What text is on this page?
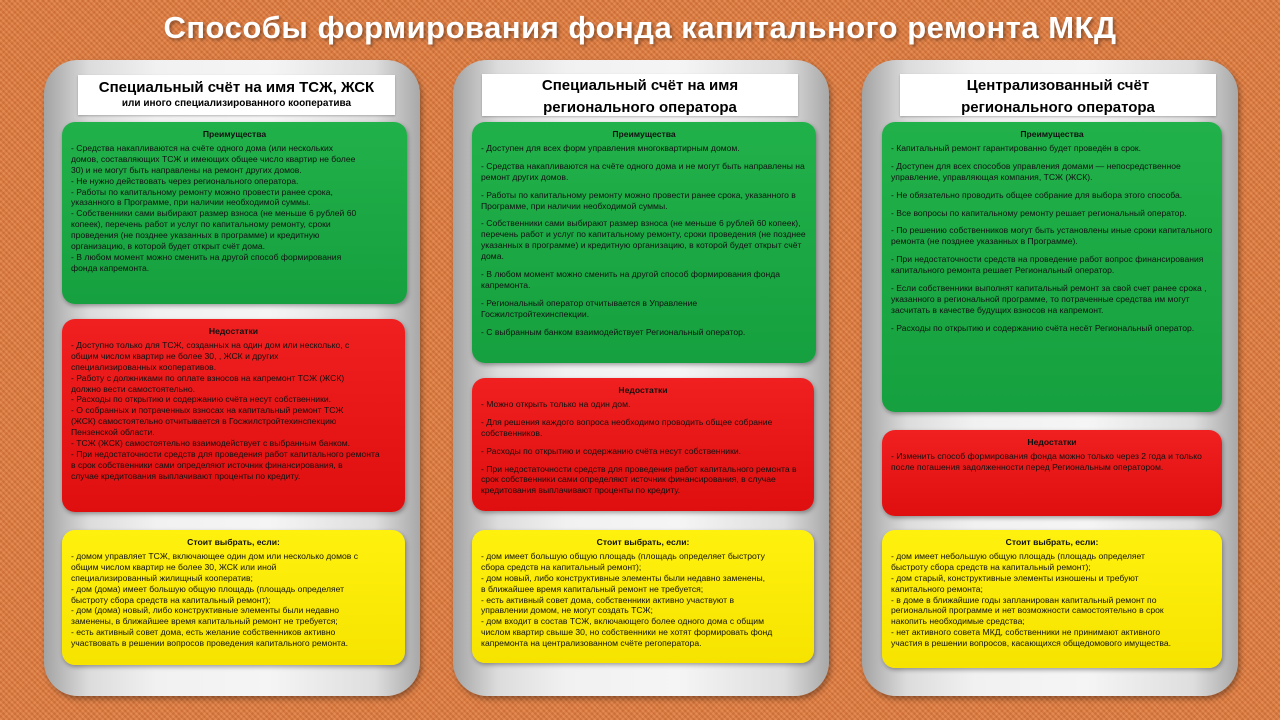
Способы формирования фонда капитального ремонта МКД
Специальный счёт на имя ТСЖ, ЖСК
или иного специализированного кооператива
Преимущества
- Средства накапливаются на счёте одного дома (или нескольких
домов, составляющих ТСЖ и имеющих общее число квартир не более
30) и не могут быть направлены на ремонт других домов.
- Не нужно действовать через регионального оператора.
- Работы по капитальному ремонту можно провести ранее срока,
указанного в Программе, при наличии необходимой суммы.
- Собственники сами выбирают размер взноса (не меньше 6 рублей 60
копеек), перечень работ и услуг по капитальному ремонту, сроки
проведения (не позднее указанных в программе) и кредитную
организацию, в которой будет открыт счёт дома.
- В любом момент можно сменить на другой способ формирования
фонда капремонта.
Недостатки
- Доступно только для ТСЖ, созданных на один дом или несколько, с
общим числом квартир не более 30, , ЖСК и других
специализированных кооперативов.
- Работу с должниками по оплате взносов на капремонт ТСЖ (ЖСК)
должно вести самостоятельно.
- Расходы по открытию и содержанию счёта несут собственники.
- О собранных и потраченных взносах на капитальный ремонт ТСЖ
(ЖСК) самостоятельно отчитывается в Госжилстройтехинспекцию
Пензенской области.
- ТСЖ (ЖСК) самостоятельно взаимодействует с выбранным банком.
- При недостаточности средств для проведения работ капитального ремонта
в срок собственники сами определяют источник финансирования, в
случае кредитования выплачивают проценты по кредиту.
Стоит выбрать, если:
- домом управляет ТСЖ, включающее один дом или несколько домов с
общим числом квартир не более 30, ЖСК или иной
специализированный жилищный кооператив;
- дом (дома) имеет большую общую площадь (площадь определяет
быстроту сбора средств на капитальный ремонт);
- дом (дома) новый, либо конструктивные элементы были недавно
заменены, в ближайшее время капитальный ремонт не требуется;
- есть активный совет дома, есть желание собственников активно
участвовать в решении вопросов проведения капитального ремонта.
Специальный счёт на имя
регионального оператора
Преимущества
- Доступен для всех форм управления многоквартирным домом.
- Средства накапливаются на счёте одного дома и не могут быть направлены на ремонт других домов.
- Работы по капитальному ремонту можно провести ранее срока, указанного в Программе, при наличии необходимой суммы.
- Собственники сами выбирают размер взноса (не меньше 6 рублей 60 копеек), перечень работ и услуг по капитальному ремонту, сроки проведения (не позднее указанных в программе) и кредитную организацию, в которой будет открыт счёт дома.
- В любом момент можно сменить на другой способ формирования фонда капремонта.
- Региональный оператор отчитывается в Управление Госжилстройтехинспекции.
- С выбранным банком взаимодействует Региональный оператор.
Недостатки
- Можно открыть только на один дом.
- Для решения каждого вопроса необходимо проводить общее собрание собственников.
- Расходы по открытию и содержанию счёта несут собственники.
- При недостаточности средств для проведения работ капитального ремонта в срок собственники сами определяют источник финансирования, в случае кредитования выплачивают проценты по кредиту.
Стоит выбрать, если:
- дом имеет большую общую площадь (площадь определяет быстроту
сбора средств на капитальный ремонт);
- дом новый, либо конструктивные элементы были недавно заменены,
в ближайшее время капитальный ремонт не требуется;
- есть активный совет дома, собственники активно участвуют в
управлении домом, не могут создать ТСЖ;
- дом входит в состав ТСЖ, включающего более одного дома с общим
числом квартир свыше 30, но собственники не хотят формировать фонд
капремонта на централизованном счёте регоператора.
Централизованный счёт
регионального оператора
Преимущества
- Капитальный ремонт гарантированно будет проведён в срок.
- Доступен для всех способов управления домами — непосредственное управление, управляющая компания, ТСЖ (ЖСК).
- Не обязательно проводить общее собрание для выбора этого способа.
- Все вопросы по капитальному ремонту решает региональный оператор.
- По решению собственников могут быть установлены иные сроки капитального ремонта (не позднее указанных в Программе).
- При недостаточности средств на проведение работ вопрос финансирования капитального ремонта решает Региональный оператор.
- Если собственники выполнят капитальный ремонт за свой счет ранее срока , указанного в региональной программе, то потраченные средства им могут засчитать в качестве будущих взносов на капремонт.
- Расходы по открытию и содержанию счёта несёт Региональный оператор.
Недостатки
- Изменить способ формирования фонда можно только через 2 года и только после погашения задолженности перед Региональным оператором.
Стоит выбрать, если:
- дом имеет небольшую общую площадь (площадь определяет
быстроту сбора средств на капитальный ремонт);
- дом старый, конструктивные элементы изношены и требуют
капитального ремонта;
- в доме в ближайшие годы запланирован капитальный ремонт по
региональной программе и нет возможности самостоятельно в срок
накопить необходимые средства;
- нет активного совета МКД, собственники не принимают активного
участия в решении вопросов, касающихся общедомового имущества.
